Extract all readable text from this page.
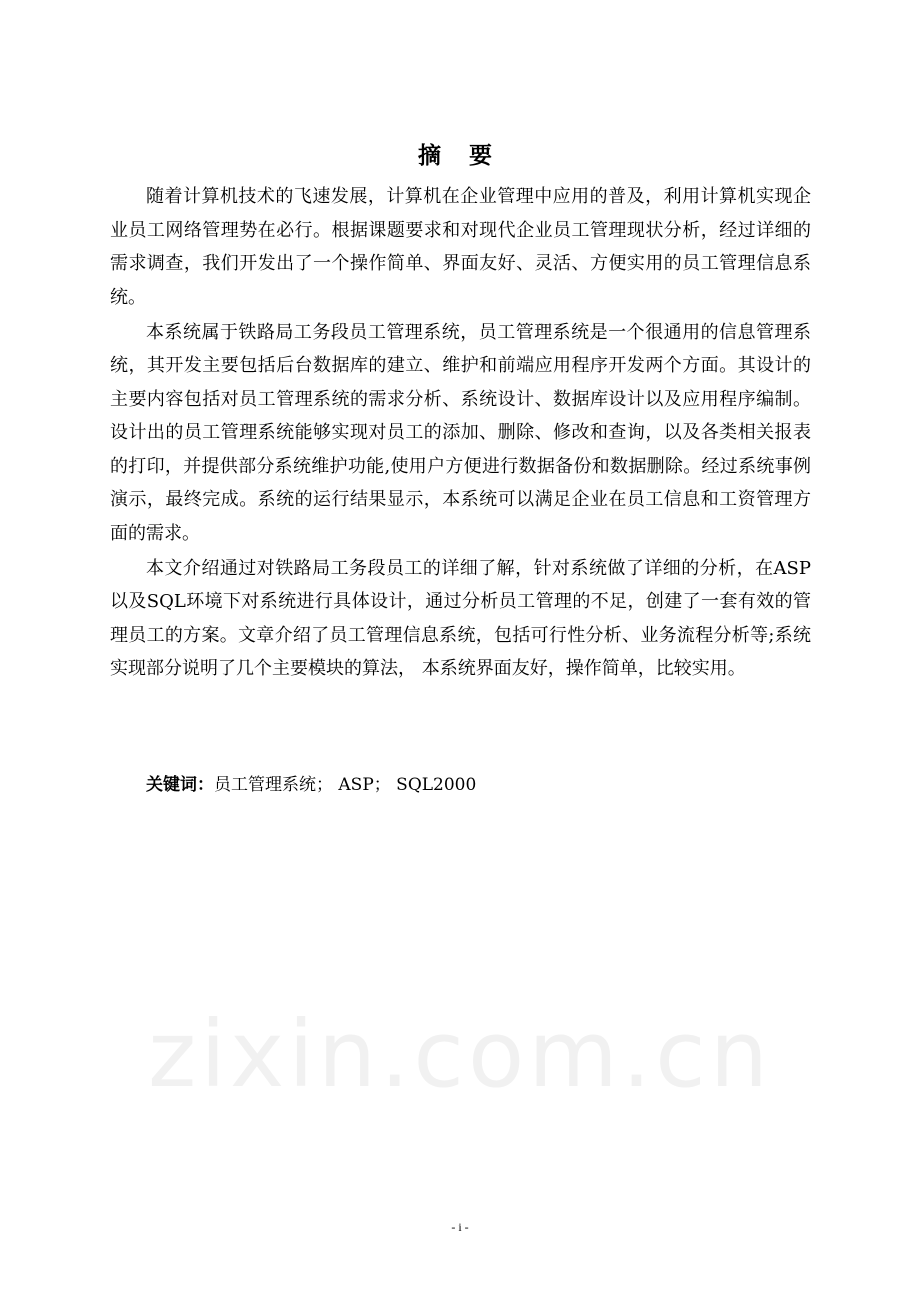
zixin.com.cn
摘 要

随着计算机技术的飞速发展，计算机在企业管理中应用的普及，利用计算机实现企业员工网络管理势在必行。根据课题要求和对现代企业员工管理现状分析，经过详细的需求调查，我们开发出了一个操作简单、界面友好、灵活、方便实用的员工管理信息系统。

本系统属于铁路局工务段员工管理系统，员工管理系统是一个很通用的信息管理系统，其开发主要包括后台数据库的建立、维护和前端应用程序开发两个方面。其设计的主要内容包括对员工管理系统的需求分析、系统设计、数据库设计以及应用程序编制。设计出的员工管理系统能够实现对员工的添加、删除、修改和查询，以及各类相关报表的打印，并提供部分系统维护功能,使用户方便进行数据备份和数据删除。经过系统事例演示，最终完成。系统的运行结果显示，本系统可以满足企业在员工信息和工资管理方面的需求。

本文介绍通过对铁路局工务段员工的详细了解，针对系统做了详细的分析，在ASP以及SQL环境下对系统进行具体设计，通过分析员工管理的不足，创建了一套有效的管理员工的方案。文章介绍了员工管理信息系统，包括可行性分析、业务流程分析等;系统实现部分说明了几个主要模块的算法， 本系统界面友好，操作简单，比较实用。

关键词：员工管理系统； ASP； SQL2000
- i -
